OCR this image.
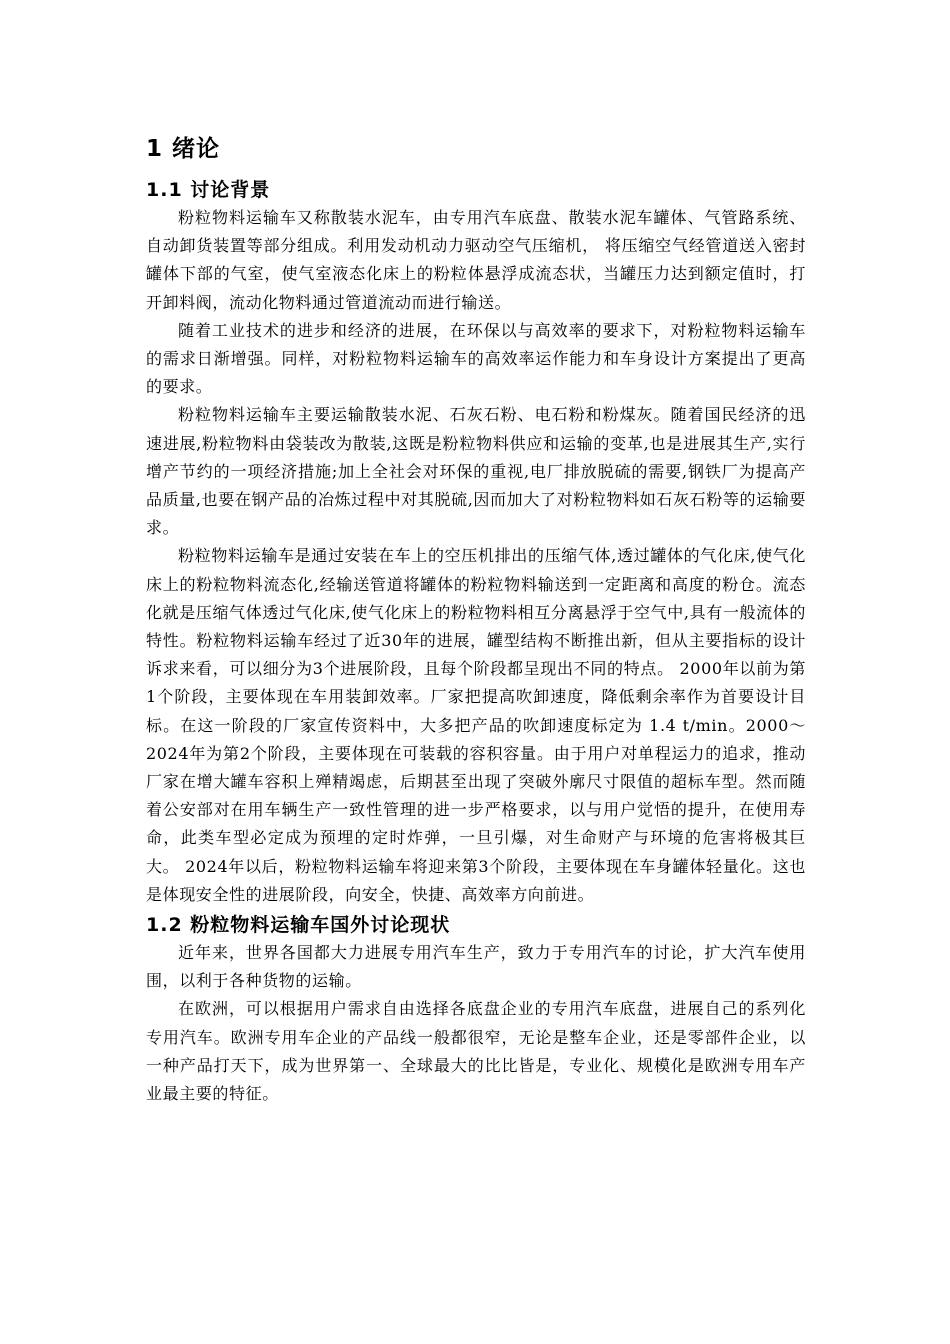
1 绪论
1.1 讨论背景

粉粒物料运输车又称散装水泥车，由专用汽车底盘、散装水泥车罐体、气管路系统、自动卸货装置等部分组成。利用发动机动力驱动空气压缩机， 将压缩空气经管道送入密封罐体下部的气室，使气室液态化床上的粉粒体悬浮成流态状，当罐压力达到额定值时，打开卸料阀，流动化物料通过管道流动而进行输送。

随着工业技术的进步和经济的进展，在环保以与高效率的要求下，对粉粒物料运输车的需求日渐增强。同样，对粉粒物料运输车的高效率运作能力和车身设计方案提出了更高的要求。

粉粒物料运输车主要运输散装水泥、石灰石粉、电石粉和粉煤灰。随着国民经济的迅速进展,粉粒物料由袋装改为散装,这既是粉粒物料供应和运输的变革,也是进展其生产,实行增产节约的一项经济措施;加上全社会对环保的重视,电厂排放脱硫的需要,钢铁厂为提高产品质量,也要在钢产品的冶炼过程中对其脱硫,因而加大了对粉粒物料如石灰石粉等的运输要求。

粉粒物料运输车是通过安装在车上的空压机排出的压缩气体,透过罐体的气化床,使气化床上的粉粒物料流态化,经输送管道将罐体的粉粒物料输送到一定距离和高度的粉仓。流态化就是压缩气体透过气化床,使气化床上的粉粒物料相互分离悬浮于空气中,具有一般流体的特性。粉粒物料运输车经过了近30年的进展，罐型结构不断推出新，但从主要指标的设计诉求来看，可以细分为3个进展阶段，且每个阶段都呈现出不同的特点。 2000年以前为第1个阶段，主要体现在车用装卸效率。厂家把提高吹卸速度，降低剩余率作为首要设计目标。在这一阶段的厂家宣传资料中，大多把产品的吹卸速度标定为 1.4 t/min。2000～2024年为第2个阶段，主要体现在可装载的容积容量。由于用户对单程运力的追求，推动厂家在增大罐车容积上殚精竭虑，后期甚至出现了突破外廓尺寸限值的超标车型。然而随着公安部对在用车辆生产一致性管理的进一步严格要求，以与用户觉悟的提升，在使用寿命，此类车型必定成为预埋的定时炸弹，一旦引爆，对生命财产与环境的危害将极其巨大。 2024年以后，粉粒物料运输车将迎来第3个阶段，主要体现在车身罐体轻量化。这也是体现安全性的进展阶段，向安全，快捷、高效率方向前进。

1.2 粉粒物料运输车国外讨论现状

近年来，世界各国都大力进展专用汽车生产，致力于专用汽车的讨论，扩大汽车使用围，以利于各种货物的运输。

在欧洲，可以根据用户需求自由选择各底盘企业的专用汽车底盘，进展自己的系列化专用汽车。欧洲专用车企业的产品线一般都很窄，无论是整车企业，还是零部件企业，以一种产品打天下，成为世界第一、全球最大的比比皆是，专业化、规模化是欧洲专用车产业最主要的特征。
